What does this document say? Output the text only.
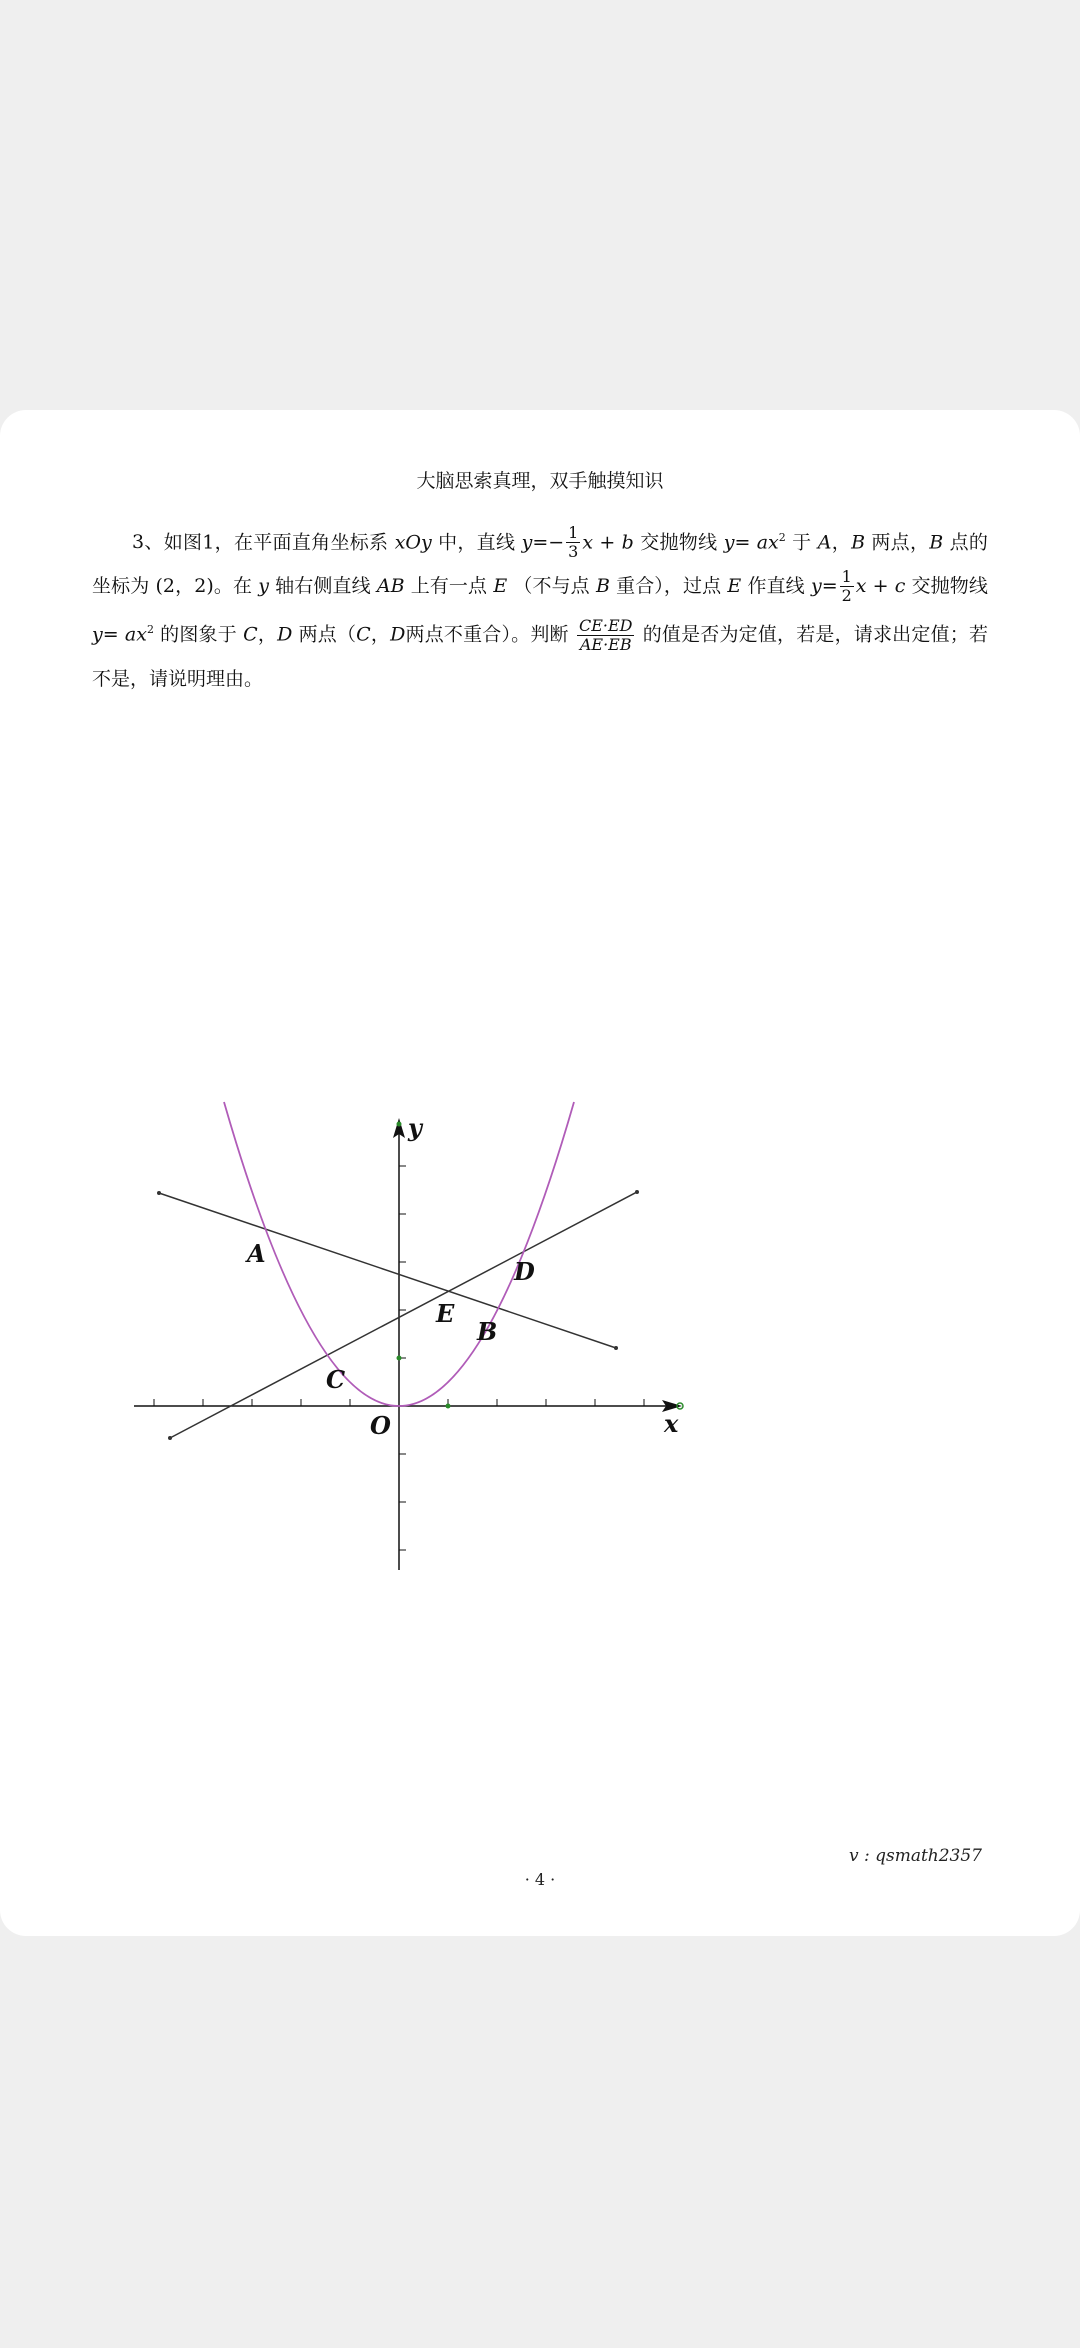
大脑思索真理，双手触摸知识
3、如图1，在平面直角坐标系 xOy 中，直线 $y=- \frac{1}{3}$ x + b 交抛物线 $y= ax^2$ 于 A，B 两点，B 点的坐标为 (2，2)。在 y 轴右侧直线 AB 上有一点 E （不与点 B 重合），过点 E 作直线 $y= \frac{1}{2}$ x + c 交抛物线 $y= ax^2$ 的图象于 C，D 两点（C，D两点不重合）。判断 $\frac{CE\cdot ED}{AE\cdot EB}$ 的值是否为定值，若是，请求出定值；若不是，请说明理由。
y
x
O
A
B
C
D
E
v : qsmath2357
· 4 ·
